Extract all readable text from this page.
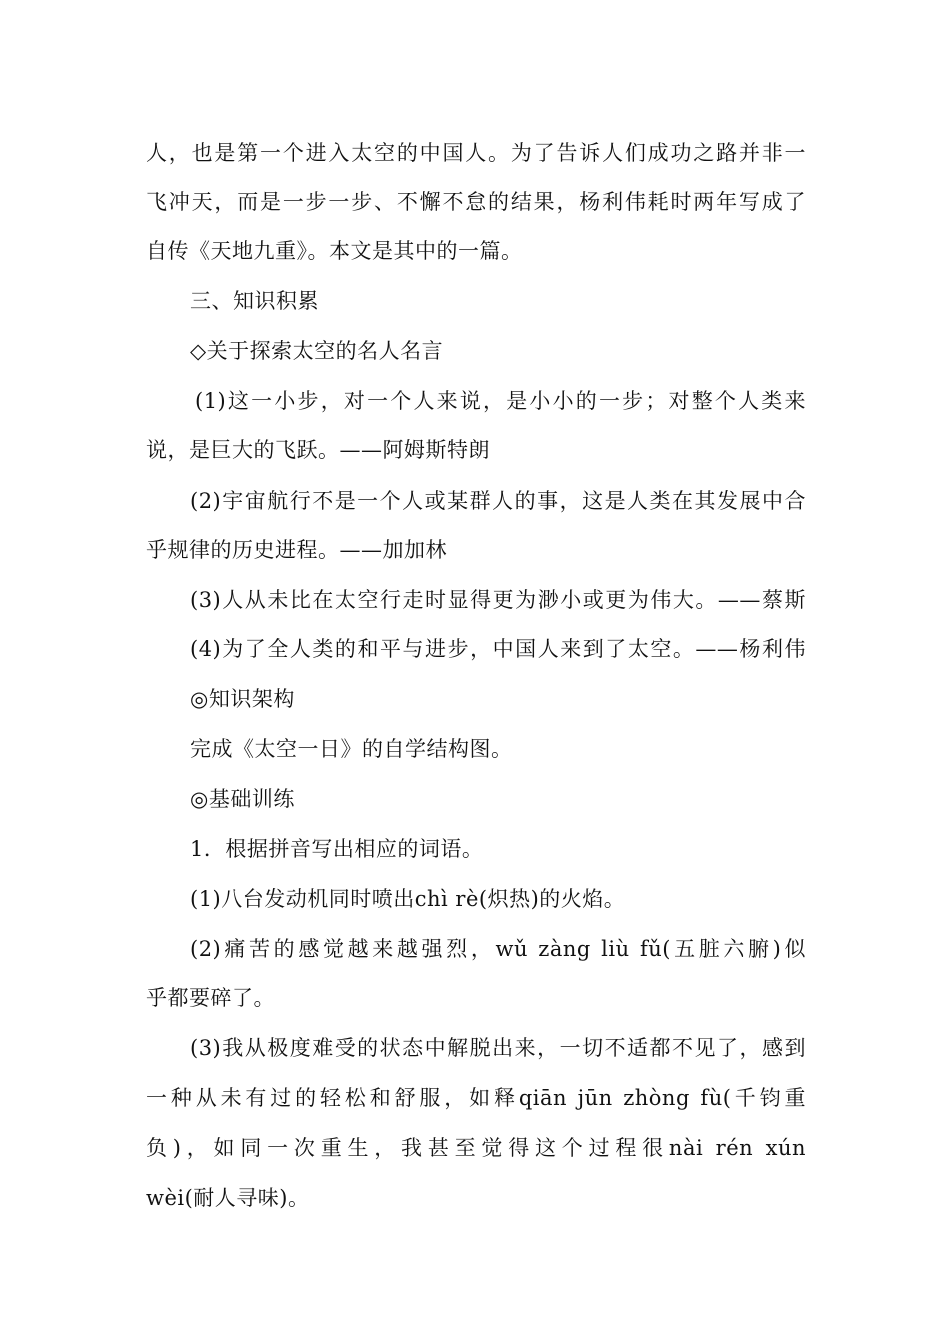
人，也是第一个进入太空的中国人。为了告诉人们成功之路并非一
飞冲天，而是一步一步、不懈不怠的结果，杨利伟耗时两年写成了
自传《天地九重》。本文是其中的一篇。
三、知识积累
◇关于探索太空的名人名言
(1)这一小步，对一个人来说，是小小的一步；对整个人类来
说，是巨大的飞跃。——阿姆斯特朗
(2)宇宙航行不是一个人或某群人的事，这是人类在其发展中合
乎规律的历史进程。——加加林
(3)人从未比在太空行走时显得更为渺小或更为伟大。——蔡斯
(4)为了全人类的和平与进步，中国人来到了太空。——杨利伟
◎知识架构
完成《太空一日》的自学结构图。
◎基础训练
1．根据拼音写出相应的词语。
(1)八台发动机同时喷出chì rè(炽热)的火焰。
(2)痛苦的感觉越来越强烈，wǔ zàng liù fǔ(五脏六腑)似
乎都要碎了。
(3)我从极度难受的状态中解脱出来，一切不适都不见了，感到
一种从未有过的轻松和舒服，如释qiān jūn zhòng fù(千钧重
负)，如同一次重生，我甚至觉得这个过程很nài rén xún
wèi(耐人寻味)。
